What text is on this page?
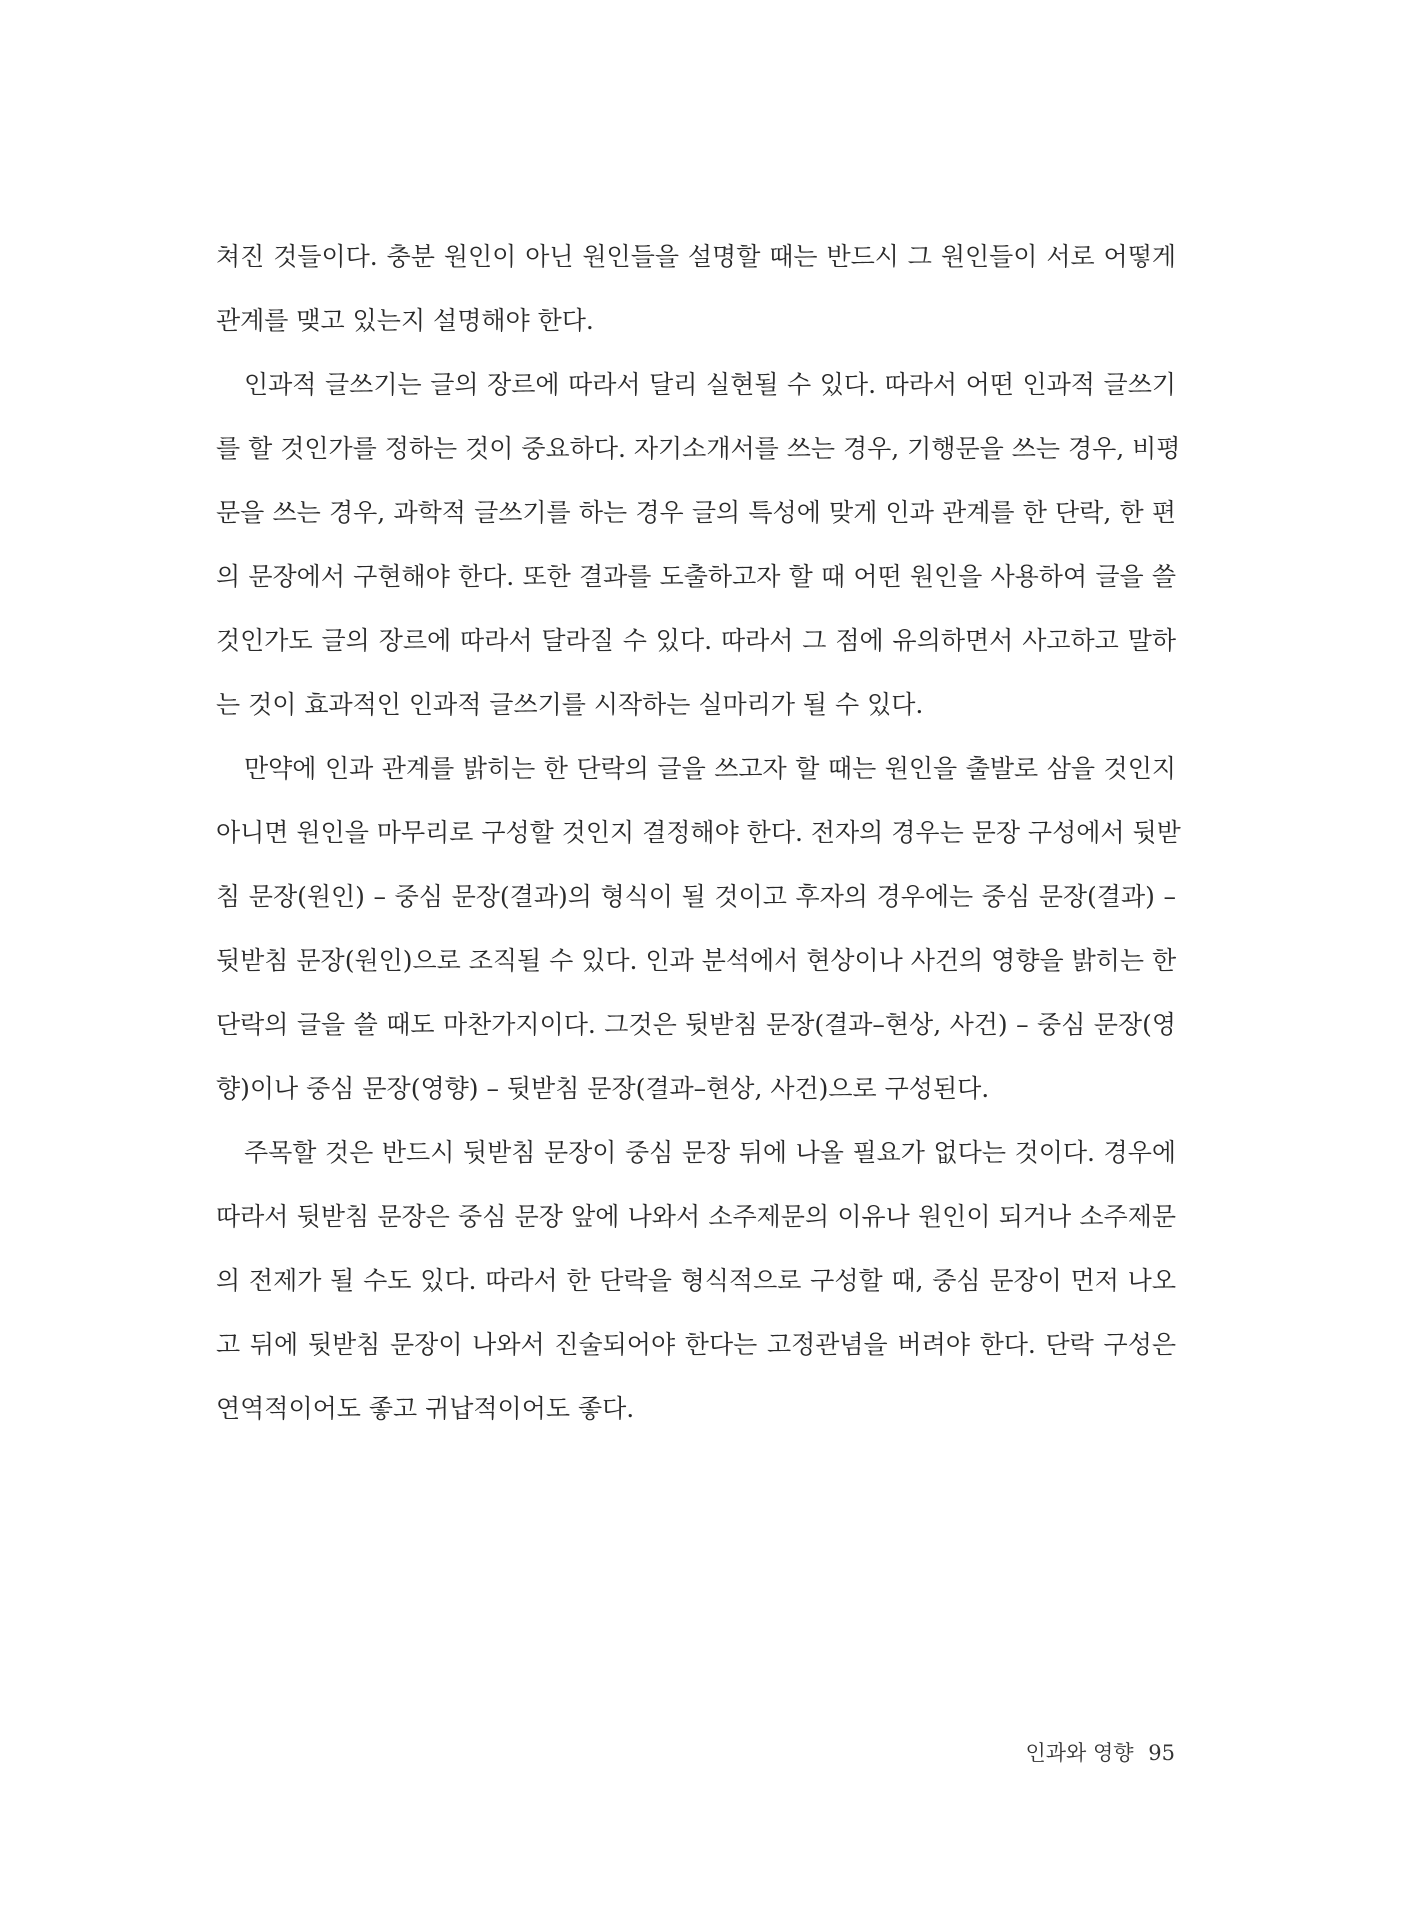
쳐진 것들이다. 충분 원인이 아닌 원인들을 설명할 때는 반드시 그 원인들이 서로 어떻게
관계를 맺고 있는지 설명해야 한다.
인과적 글쓰기는 글의 장르에 따라서 달리 실현될 수 있다. 따라서 어떤 인과적 글쓰기
를 할 것인가를 정하는 것이 중요하다. 자기소개서를 쓰는 경우, 기행문을 쓰는 경우, 비평
문을 쓰는 경우, 과학적 글쓰기를 하는 경우 글의 특성에 맞게 인과 관계를 한 단락, 한 편
의 문장에서 구현해야 한다. 또한 결과를 도출하고자 할 때 어떤 원인을 사용하여 글을 쓸
것인가도 글의 장르에 따라서 달라질 수 있다. 따라서 그 점에 유의하면서 사고하고 말하
는 것이 효과적인 인과적 글쓰기를 시작하는 실마리가 될 수 있다.
만약에 인과 관계를 밝히는 한 단락의 글을 쓰고자 할 때는 원인을 출발로 삼을 것인지
아니면 원인을 마무리로 구성할 것인지 결정해야 한다. 전자의 경우는 문장 구성에서 뒷받
침 문장(원인) – 중심 문장(결과)의 형식이 될 것이고 후자의 경우에는 중심 문장(결과) –
뒷받침 문장(원인)으로 조직될 수 있다. 인과 분석에서 현상이나 사건의 영향을 밝히는 한
단락의 글을 쓸 때도 마찬가지이다. 그것은 뒷받침 문장(결과–현상, 사건) – 중심 문장(영
향)이나 중심 문장(영향) – 뒷받침 문장(결과–현상, 사건)으로 구성된다.
주목할 것은 반드시 뒷받침 문장이 중심 문장 뒤에 나올 필요가 없다는 것이다. 경우에
따라서 뒷받침 문장은 중심 문장 앞에 나와서 소주제문의 이유나 원인이 되거나 소주제문
의 전제가 될 수도 있다. 따라서 한 단락을 형식적으로 구성할 때, 중심 문장이 먼저 나오
고 뒤에 뒷받침 문장이 나와서 진술되어야 한다는 고정관념을 버려야 한다. 단락 구성은
연역적이어도 좋고 귀납적이어도 좋다.
인과와 영향 95
